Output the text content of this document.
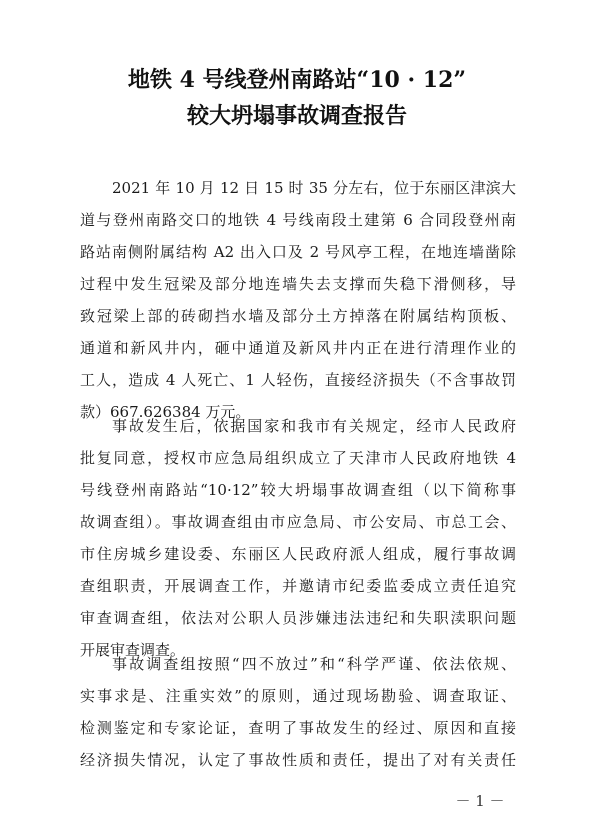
地铁 4 号线登州南路站“10 · 12”
较大坍塌事故调查报告
2021 年 10 月 12 日 15 时 35 分左右，位于东丽区津滨大
道与登州南路交口的地铁 4 号线南段土建第 6 合同段登州南
路站南侧附属结构 A2 出入口及 2 号风亭工程，在地连墙凿除
过程中发生冠梁及部分地连墙失去支撑而失稳下滑侧移，导
致冠梁上部的砖砌挡水墙及部分土方掉落在附属结构顶板、
通道和新风井内，砸中通道及新风井内正在进行清理作业的
工人，造成 4 人死亡、1 人轻伤，直接经济损失（不含事故罚
款）667.626384 万元。
事故发生后，依据国家和我市有关规定，经市人民政府
批复同意，授权市应急局组织成立了天津市人民政府地铁 4
号线登州南路站“10·12”较大坍塌事故调查组（以下简称事
故调查组）。事故调查组由市应急局、市公安局、市总工会、
市住房城乡建设委、东丽区人民政府派人组成，履行事故调
查组职责，开展调查工作，并邀请市纪委监委成立责任追究
审查调查组，依法对公职人员涉嫌违法违纪和失职渎职问题
开展审查调查。
事故调查组按照“四不放过”和“科学严谨、依法依规、
实事求是、注重实效”的原则，通过现场勘验、调查取证、
检测鉴定和专家论证，查明了事故发生的经过、原因和直接
经济损失情况，认定了事故性质和责任，提出了对有关责任
－ 1 －
